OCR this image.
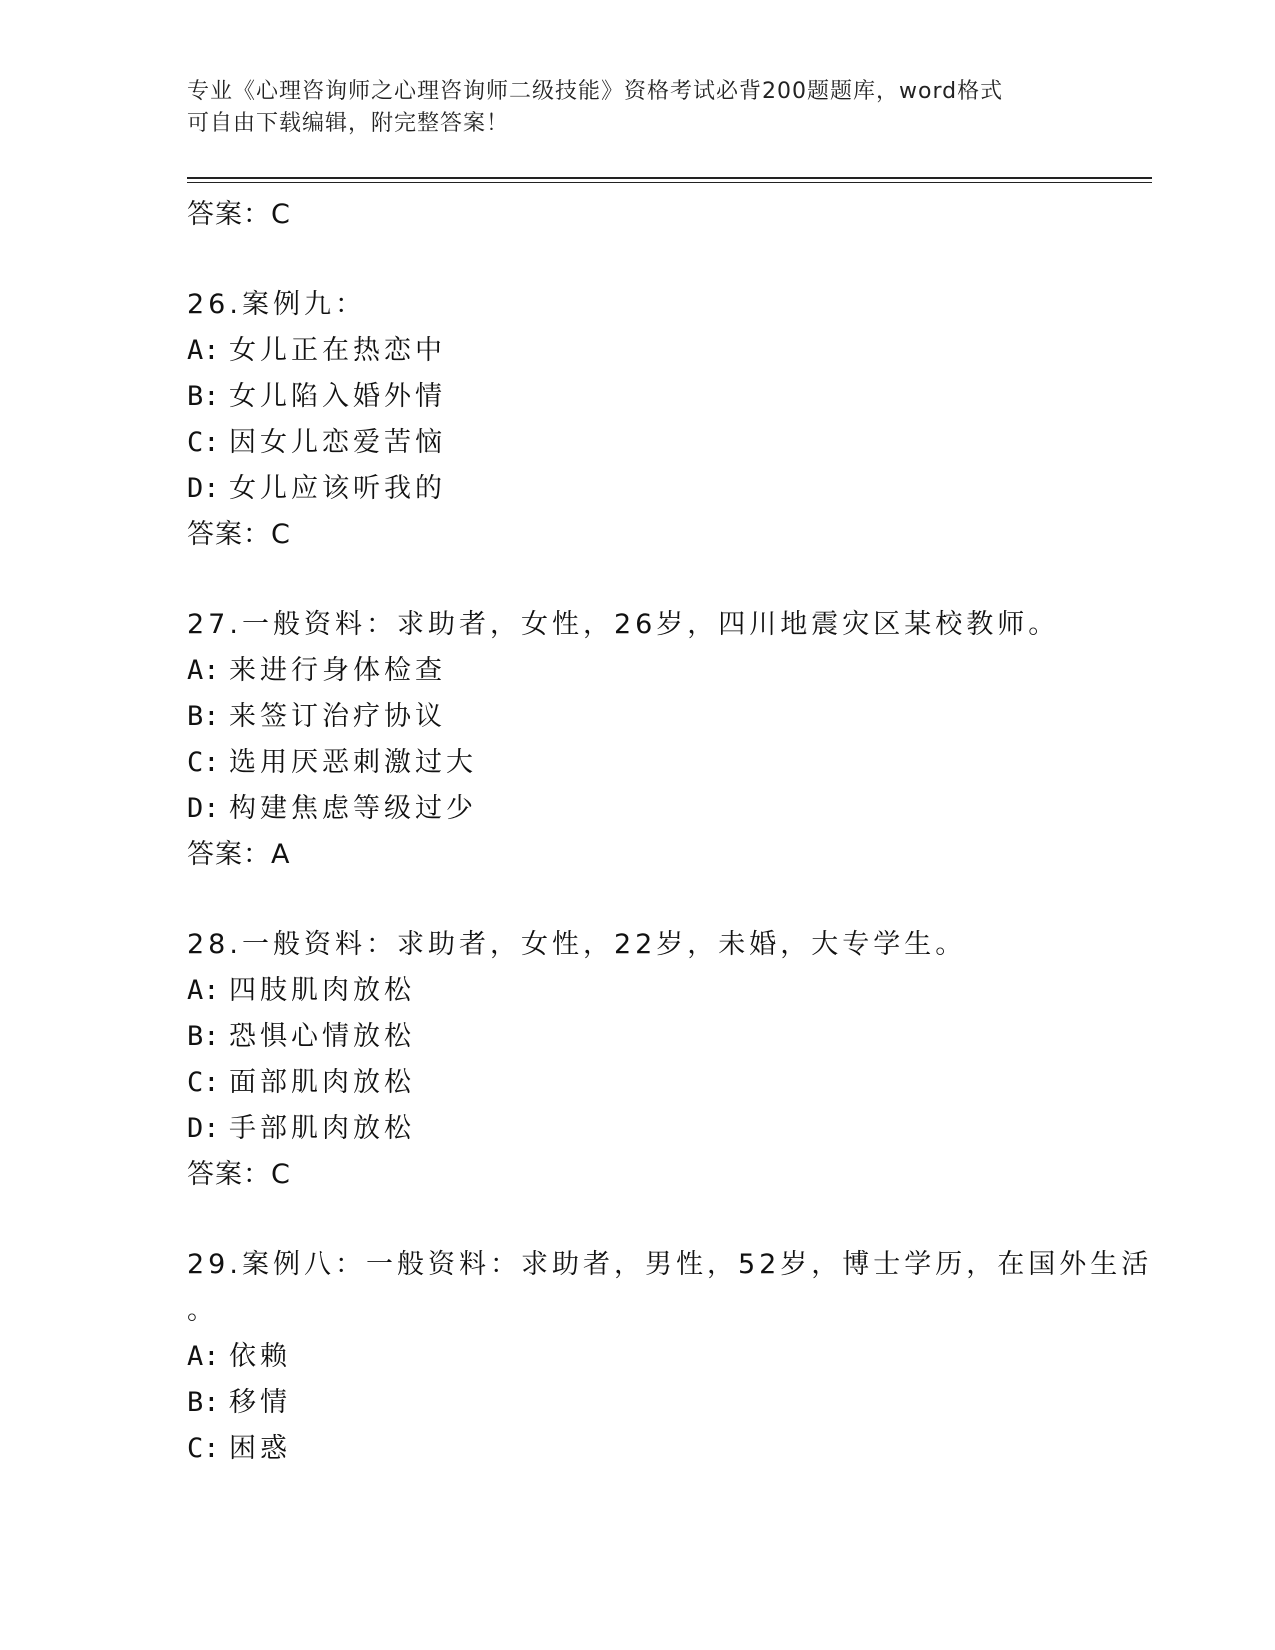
专业《心理咨询师之心理咨询师二级技能》资格考试必背200题题库，word格式
可自由下载编辑，附完整答案！
答案：C
26.案例九：
A: 女儿正在热恋中
B: 女儿陷入婚外情
C: 因女儿恋爱苦恼
D: 女儿应该听我的
答案：C
27.一般资料：求助者，女性，26岁，四川地震灾区某校教师。
A: 来进行身体检查
B: 来签订治疗协议
C: 选用厌恶刺激过大
D: 构建焦虑等级过少
答案：A
28.一般资料：求助者，女性，22岁，未婚，大专学生。
A: 四肢肌肉放松
B: 恐惧心情放松
C: 面部肌肉放松
D: 手部肌肉放松
答案：C
29.案例八：一般资料：求助者，男性，52岁，博士学历，在国外生活
。
A: 依赖
B: 移情
C: 困惑
